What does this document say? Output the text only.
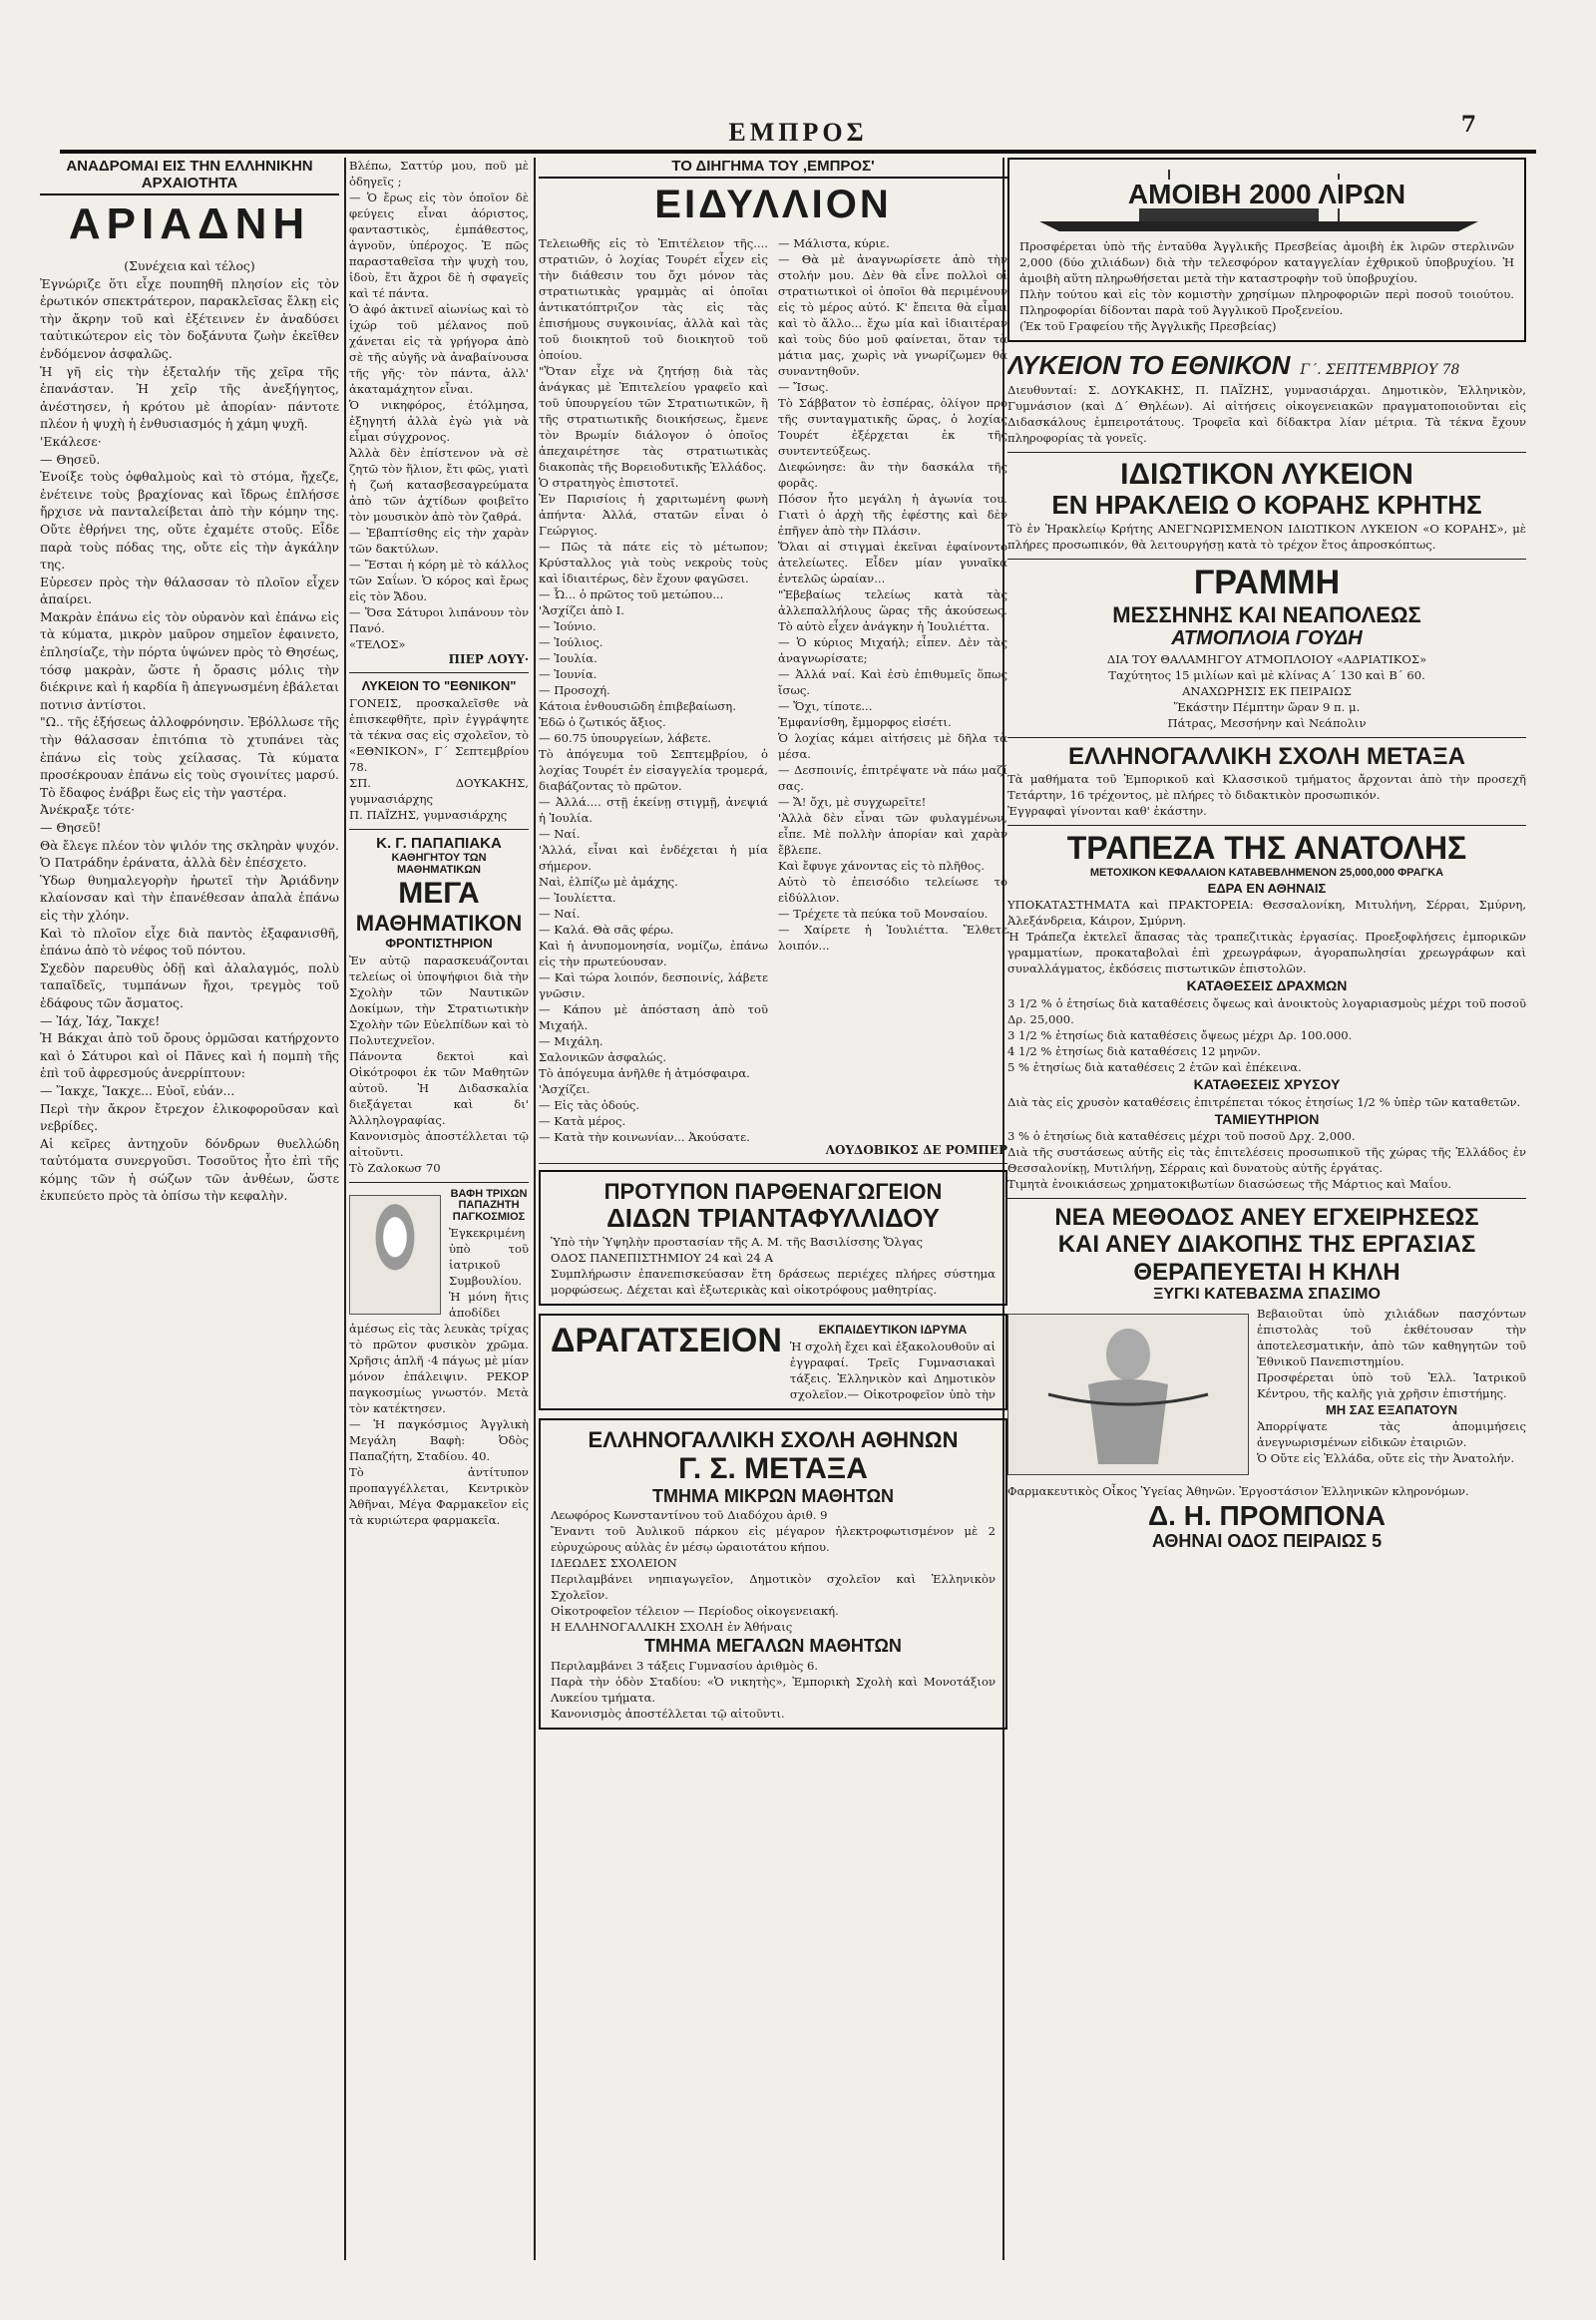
ΕΜΠΡΟΣ	7
ΑΝΑΔΡΟΜΑΙ ΕΙΣ ΤΗΝ ΕΛΛΗΝΙΚΗΝ ΑΡΧΑΙΟΤΗΤΑ
ΑΡΙΑΔΝΗ
(Συνέχεια καὶ τέλος)

Ἐγνώριζε ὅτι εἶχε πουπηθῆ πλησίον εἰς τὸν ἐρωτικόν σπεκτράτερον, παρακλεῖσας ἔλκῃ εἰς τὴν ἄκρην τοῦ καὶ ἐξέτεινεν ἐν ἀναδύσει ταὐτικώτερον εἰς τὸν δοξάνυτα ζωὴν ἐκεῖθεν ἐνδόμενον ἀσφαλῶς.
Ἡ γῆ εἰς τὴν ἐξεταλήν τῆς χεῖρα τῆς ἐπανάσταν. Ἡ χεῖρ τῆς ἀνεξήγητος, ἀνέστησεν, ἡ κρότου μὲ ἀπορίαν· πάντοτε πλέον ἡ ψυχὴ ἡ ἐνθυσιασμός ἡ χάμη ψυχῆ.
'Εκάλεσε·
— Θησεῦ.
Ἑνοίξε τοὺς ὀφθαλμοὺς καὶ τὸ στόμα, ἤχεζε, ἐνέτεινε τοὺς βραχίονας καὶ ἴδρως ἐπλήσσε ἤρχισε νὰ πανταλείβεται ἀπὸ τὴν κόμην της. Οὔτε ἐθρήνει της, οὔτε ἐχαμέτε στοῦς. Εἶδε παρὰ τοὺς πόδας της, οὔτε εἰς τὴν ἀγκάλην της.
Εὑρεσεν πρὸς τὴν θάλασσαν τὸ πλοῖον εἶχεν ἀπαίρει.
Μακρὰν ἐπάνω εἰς τὸν οὐρανὸν καὶ ἐπάνω εἰς τὰ κύματα, μικρὸν μαῦρον σημεῖον ἐφαινετο, ἐπλησίαζε, τὴν πόρτα ὑψώνεν πρὸς τὸ Θησέως, τόσφ μακρὰν, ὥστε ἡ ὄρασις μόλις τὴν διέκρινε καὶ ἡ καρδία ἢ ἀπεγνωσμένη ἐβάλεται ποτνισ ἀντίστοι.
"Ω.. τῆς ἐξήσεως ἀλλοφρόνησιν. Ἐβόλλωσε τῆς τὴν θάλασσαν ἐπιτόπια τὸ χτυπάνει τὰς ἐπάνω εἰς τοὺς χείλασας. Τὰ κύματα προσέκρουαν ἐπάνω εἰς τοὺς σγοινίτες μαρσύ. Τὸ ἔδαφος ἐνάβρι ἕως εἰς τὴν γαστέρα.
Ἀνέκραξε τότε·
— Θησεῦ!
Θὰ ἔλεγε πλέον τὸν ψιλόν της σκληρὰν ψυχόν. Ὁ Πατράδην ἐράνατα, ἀλλὰ δὲν ἐπέσχετο.
Ὑδωρ θυημαλεγορὴν ἠρωτεῖ τὴν Ἀριάδνην κλαίονσαν καὶ τὴν ἐπανέθεσαν ἀπαλὰ ἐπάνω εἰς τὴν χλόην.
Καὶ τὸ πλοῖον εἶχε διὰ παντὸς ἐξαφανισθῆ, ἐπάνω ἀπὸ τὸ νέφος τοῦ πόντου.
Σχεδὸν παρευθὺς ὁδῇ καὶ ἀλαλαγμός, πολὺ ταπαῖδεῖς, τυμπάνων ἤχοι, τρεγμὸς τοῦ ἐδάφους τῶν ἄσματος.
— Ἰάχ, Ἰάχ, Ἴακχε!
Ἡ Βάκχαι ἀπὸ τοῦ ὄρους ὁρμῶσαι κατήρχοντο καὶ ὁ Σάτυροι καὶ οἱ Πᾶνες καὶ ἡ πομπὴ τῆς ἐπὶ τοῦ ἀφρεσμούς ἀνερρίπτουν:
— Ἴακχε, Ἴακχε... Εὐοῖ, εὐάν...
Περὶ τὴν ἄκρον ἔτρεχον ἐλικοφοροῦσαν καὶ νεβρίδες.
Αἱ κεῖρες ἀντηχοῦν δόνδρων θυελλώδη ταὐτόματα συνεργοῦσι. Τοσοῦτος ἦτο ἐπὶ τῆς κόμης τῶν ἡ σώζων τῶν ἀνθέων, ὥστε ἐκυπεύετο πρὸς τὰ ὀπίσω τὴν κεφαλὴν.

Βλέπω, Σαττύρ μου, ποῦ μὲ ὁδηγεῖς ;
— Ὁ ἔρως εἰς τὸν ὁποῖον δὲ φεύγεις εἶναι ἀόριστος, φανταστικὸς, ἐμπάθεστος, ἀγνοῦν, ὑπέροχος. Ἐ πῶς παρασταθεῖσα τὴν ψυχὴ του, ἰδοὺ, ἔτι ἄχροι δὲ ἡ σφαγεῖς καὶ τέ πάντα.
Ὁ ἀφό ἀκτινεῖ αἰωνίως καὶ τὸ ἰχώρ τοῦ μέλανος ποῦ χάνεται εἰς τὰ γρήγορα ἀπὸ σὲ τῆς αὐγῆς νὰ ἀναβαίνουσα τῆς γῆς· τὸν πάντα, ἀλλ' ἀκαταμάχητον εἶναι.
Ὁ νικηφόρος, ἐτόλμησα, ἐξηγητή ἀλλὰ ἐγὼ γιὰ νὰ εἶμαι σύγχρονος.
Ἀλλὰ δὲν ἐπίστενον νὰ σὲ ζητῶ τὸν ἥλιον, ἔτι φῶς, γιατὶ ἡ ζωή κατασβεσαγρεύματα ἀπὸ τῶν ἀχτίδων φοιβεῖτο τὸν μουσικὸν ἀπὸ τὸν ζαθρά.
— Ἐβαπτίσθης εἰς τὴν χαρὰν τῶν δακτύλων.
— Ἔσται ἡ κόρη μὲ τὸ κάλλος τῶν Σαΐων. Ὁ κόρος καὶ ἔρως εἰς τὸν Ἄδου.
— Ὅσα Σάτυροι λιπάνουν τὸν Πανό.
«ΤΕΛΟΣ»

ΠΙΕΡ ΛΟΥΥ·
ΛΥΚΕΙΟΝ ΤΟ "ΕΘΝΙΚΟΝ"

ΓΟΝΕΙΣ, προσκαλεῖσθε νὰ ἐπισκεφθῆτε, πρὶν ἐγγράψητε τὰ τέκνα σας εἰς σχολεῖον, τὸ «ΕΘΝΙΚΟΝ», Γ΄ Σεπτεμβρίου 78.
ΣΠ. ΔΟΥΚΑΚΗΣ, γυμνασιάρχης
Π. ΠΑΪΖΗΣ, γυμνασιάρχης

Κ. Γ. ΠΑΠΑΠΙΑΚΑ
ΚΑΘΗΓΗΤΟΥ ΤΩΝ ΜΑΘΗΜΑΤΙΚΩΝ
ΜΕΓΑ
ΜΑΘΗΜΑΤΙΚΟΝ
ΦΡΟΝΤΙΣΤΗΡΙΟΝ

Ἐν αὐτῷ παρασκευάζονται τελείως οἱ ὑποψήφιοι διὰ τὴν Σχολὴν τῶν Ναυτικῶν Δοκίμων, τὴν Στρατιωτικὴν Σχολὴν τῶν Εὐελπίδων καὶ τὸ Πολυτεχνεῖον.
Πάνοντα δεκτοὶ καὶ Οἰκότροφοι ἐκ τῶν Μαθητῶν αὐτοῦ. Ἡ Διδασκαλία διεξάγεται καὶ δι' Ἀλληλογραφίας.
Κανονισμὸς ἀποστέλλεται τῷ αἰτοῦντι.
Τὸ Ζαλοκωσ 70

ΒΑΦΗ ΤΡΙΧΩΝ ΠΑΠΑΖΗΤΗ ΠΑΓΚΟΣΜΙΟΣ

Ἐγκεκριμένη ὑπὸ τοῦ ἰατρικοῦ Συμβουλίου.
Ἡ μόνη ἥτις ἀποδίδει ἀμέσως εἰς τὰς λευκὰς τρίχας τὸ πρῶτον φυσικὸν χρῶμα. Χρῆσις ἁπλῆ ·4 πάγως μὲ μίαν μόνον ἐπάλειψιν. ΡΕΚΟΡ παγκοσμίως γνωστόν. Μετὰ τὸν κατέκτησεν.
— Ἡ παγκόσμιος Ἀγγλικὴ Μεγάλη Βαφὴ: Ὀδὸς Παπαζήτη, Σταδίου. 40.
Τὸ ἀντίτυπον προπαγγέλλεται, Κεντρικὸν Ἀθῆναι, Μέγα Φαρμακεῖον εἰς τὰ κυριώτερα φαρμακεῖα.

ΤΟ ΔΙΗΓΗΜΑ ΤΟΥ ,ΕΜΠΡΟΣ'
ΕΙΔΥΛΛΙΟΝ

Τελειωθῆς εἰς τὸ Ἐπιτέλειον τῆς.... στρατιῶν, ὁ λοχίας Τουρέτ εἶχεν εἰς τὴν διάθεσιν του ὄχι μόνον τὰς στρατιωτικὰς γραμμὰς αἱ ὁποῖαι ἀντικατόπτριζον τὰς εἰς τὰς ἐπισήμους συγκοινίας, ἀλλὰ καὶ τὰς τοῦ διοικητοῦ τοῦ διοικητοῦ τοῦ ὁποίου.
"Ὅταν εἶχε νὰ ζητήσῃ διὰ τὰς ἀνάγκας μὲ Ἐπιτελείου γραφεῖο καὶ τοῦ ὑπουργείου τῶν Στρατιωτικῶν, ἢ τῆς στρατιωτικῆς διοικήσεως, ἔμενε τὸν Βρωμίν διάλογον ὁ ὁποῖος ἀπεχαιρέτησε τὰς στρατιωτικὰς διακοπὰς τῆς Βορειοδυτικῆς Ἑλλάδος.
Ὁ στρατηγὸς ἐπιστοτεῖ.
Ἐν Παρισίοις ἡ χαριτωμένη φωνὴ ἀπήντα· Ἀλλά, στατῶν εἶναι ὁ Γεώργιος.
— Πῶς τὰ πάτε εἰς τὸ μέτωπον; Κρύσταλλος γιὰ τοὺς νεκροὺς τοὺς καὶ ἰδιαιτέρως, δὲν ἔχουν φαγῶσει.
— Ὦ... ὁ πρῶτος τοῦ μετώπου...
'Ἀσχίζει ἀπὸ Ι.
— Ἰούνιο.
— Ἰούλιος.
— Ἰουλία.
— Ἰουνία.
— Προσοχή.
Κάτοια ἐνθουσιῶδη ἐπιβεβαίωση.
Ἐδῶ ὁ ζωτικός ἄξιος.
— 60.75 ὑπουργείων, λάβετε.
Τὸ ἀπόγευμα τοῦ Σεπτεμβρίου, ὁ λοχίας Τουρέτ ἐν εἰσαγγελία τρομερά, διαβάζοντας τὸ πρῶτον.
— Ἀλλά.... στῇ ἐκείνῃ στιγμῇ, ἀνεψιά ἡ Ἰουλία.
— Ναί.
'Ἀλλά, εἶναι καὶ ἐνδέχεται ἡ μία σήμερον.
Ναὶ, ἐλπίζω μὲ ἀμάχης.
— Ἰουλίεττα.
— Ναί.
— Καλά. Θὰ σᾶς φέρω.
Καὶ ἡ ἀνυπομονησία, νομίζω, ἐπάνω εἰς τὴν πρωτεύουσαν.
— Καὶ τώρα λοιπόν, δεσποινίς, λάβετε γνῶσιν.
— Κάπου μὲ ἀπόσταση ἀπὸ τοῦ Μιχαήλ.
— Μιχάλη.
Σαλονικῶν ἀσφαλώς.
Τὸ ἀπόγευμα ἀνῆλθε ἡ ἀτμόσφαιρα.
'Ἀσχίζει.
— Εἰς τὰς ὁδούς.
— Κατὰ μέρος.
— Κατὰ τὴν κοινωνίαν... Ἀκούσατε.

— Μάλιστα, κύριε.
— Θὰ μὲ ἀναγνωρίσετε ἀπὸ τὴν στολήν μου. Δὲν θὰ εἶνε πολλοὶ οἱ στρατιωτικοὶ οἱ ὁποῖοι θὰ περιμένουν εἰς τὸ μέρος αὐτό. Κ' ἔπειτα θὰ εἶμαι καὶ τὸ ἄλλο... ἔχω μία καὶ ἰδιαιτέραν καὶ τοὺς δύο μοῦ φαίνεται, ὅταν τὰ μάτια μας, χωρὶς νὰ γνωρίζωμεν θὰ συναντηθοῦν.
— Ἴσως.
Τὸ Σάββατον τὸ ἑσπέρας, ὀλίγον πρὸ τῆς συνταγματικῆς ὥρας, ὁ λοχίας Τουρέτ ἐξέρχεται ἐκ τῆς συντεντεύξεως.
Διεφώνησε: ἂν τὴν δασκάλα τῆς φορᾶς.
Πόσον ἦτο μεγάλη ἡ ἀγωνία του. Γιατὶ ὁ ἀρχὴ τῆς ἐφέστης καὶ δὲν ἐπῆγεν ἀπὸ τὴν Πλάσιν.
Ὅλαι αἱ στιγμαὶ ἐκεῖναι ἐφαίνοντο ἀτελείωτες. Εἶδεν μίαν γυναῖκα ἐντελῶς ὡραίαν...
"Ἐβεβαίως τελείως κατὰ τὰς ἀλλεπαλλήλους ὥρας τῆς ἀκούσεως. Τὸ αὐτὸ εἶχεν ἀνάγκην ἡ Ἰουλιέττα.
— Ὁ κύριος Μιχαήλ; εἶπεν. Δὲν τὰς ἀναγνωρίσατε;
— Ἀλλά ναί. Καὶ ἐσὺ ἐπιθυμεῖς ὅπως ἴσως.
— Ὅχι, τίποτε...
Ἐμφανίσθη, ἔμμορφος εἰσέτι.
Ὁ λοχίας κάμει αἰτήσεις μὲ δῆλα τὰ μέσα.
— Δεσποινίς, ἐπιτρέψατε νὰ πάω μαζί σας.
— Ἄ! ὄχι, μὲ συγχωρεῖτε!
'Ἀλλὰ δὲν εἶναι τῶν φυλαγμένων, εἶπε. Μὲ πολλὴν ἀπορίαν καὶ χαρὰν ἔβλεπε.
Καὶ ἔφυγε χάνοντας εἰς τὸ πλῆθος.
Αὐτὸ τὸ ἐπεισόδιο τελείωσε τὸ εἰδύλλιον.
— Τρέχετε τὰ πεύκα τοῦ Μονσαίου.
— Χαίρετε ἡ Ἰουλιέττα. Ἔλθετε λοιπόν...

ΛΟΥΔΟΒΙΚΟΣ ΔΕ ΡΟΜΠΕΡ
ΠΡΟΤΥΠΟΝ ΠΑΡΘΕΝΑΓΩΓΕΙΟΝ
ΔΙΔΩΝ ΤΡΙΑΝΤΑΦΥΛΛΙΔΟΥ

Ὑπὸ τὴν Ὑψηλὴν προστασίαν τῆς Α. Μ. τῆς Βασιλίσσης Ὄλγας
ΟΔΟΣ ΠΑΝΕΠΙΣΤΗΜΙΟΥ 24 καὶ 24 Α
Συμπλήρωσιν ἐπανεπισκεύασαν ἔτη δράσεως περιέχες πλήρες σύστημα μορφώσεως. Δέχεται καὶ ἐξωτερικὰς καὶ οἰκοτρόφους μαθητρίας.

ΔΡΑΓΑΤΣΕΙΟΝ	ΕΚΠΑΙΔΕΥΤΙΚΟΝ ΙΔΡΥΜΑ

Ἡ σχολὴ ἔχει καὶ ἐξακολουθοῦν αἱ ἐγγραφαί. Τρεῖς Γυμνασιακαὶ τάξεις. Ἑλληνικὸν καὶ Δημοτικὸν σχολεῖον.— Οἰκοτροφεῖον ὑπὸ τὴν

ΕΛΛΗΝΟΓΑΛΛΙΚΗ ΣΧΟΛΗ ΑΘΗΝΩΝ
Γ. Σ. ΜΕΤΑΞΑ
ΤΜΗΜΑ ΜΙΚΡΩΝ ΜΑΘΗΤΩΝ

Λεωφόρος Κωνσταντίνου τοῦ Διαδόχου ἀριθ. 9
Ἔναντι τοῦ Ἀυλικοῦ πάρκου εἰς μέγαρον ἠλεκτροφωτισμένον μὲ 2 εὐρυχώρους αὐλὰς ἐν μέσῳ ὡραιοτάτου κήπου.
ΙΔΕΩΔΕΣ ΣΧΟΛΕΙΟΝ
Περιλαμβάνει νηπιαγωγεῖον, Δημοτικὸν σχολεῖον καὶ Ἑλληνικὸν Σχολεῖον.
Οἰκοτροφεῖον τέλειον — Περίοδος οἰκογενειακή.
Η ΕΛΛΗΝΟΓΑΛΛΙΚΗ ΣΧΟΛΗ ἐν Ἀθήναις

ΤΜΗΜΑ ΜΕΓΑΛΩΝ ΜΑΘΗΤΩΝ

Περιλαμβάνει 3 τάξεις Γυμνασίου ἀριθμὸς 6.
Παρὰ τὴν ὁδὸν Σταδίου: «Ὁ νικητὴς», Ἐμπορικὴ Σχολὴ καὶ Μονοτάξιον Λυκείου τμήματα.
Κανονισμὸς ἀποστέλλεται τῷ αἰτοῦντι.

ΑΜΟΙΒΗ 2000 ΛΙΡΩΝ

Προσφέρεται ὑπὸ τῆς ἐνταῦθα Ἀγγλικῆς Πρεσβείας ἀμοιβὴ ἐκ λιρῶν στερλινῶν 2,000 (δύο χιλιάδων) διὰ τὴν τελεσφόρον καταγγελίαν ἐχθρικοῦ ὑποβρυχίου. Ἡ ἀμοιβὴ αὕτη πληρωθήσεται μετὰ τὴν καταστροφὴν τοῦ ὑποβρυχίου.
Πλὴν τούτου καὶ εἰς τὸν κομιστὴν χρησίμων πληροφοριῶν περὶ ποσοῦ τοιούτου. Πληροφορίαι δίδονται παρὰ τοῦ Ἀγγλικοῦ Προξενείου.
(Ἐκ τοῦ Γραφείου τῆς Ἀγγλικῆς Πρεσβείας)

ΛΥΚΕΙΟΝ ΤΟ ΕΘΝΙΚΟΝ Γ΄. ΣΕΠΤΕΜΒΡΙΟΥ 78

Διευθυνταί: Σ. ΔΟΥΚΑΚΗΣ, Π. ΠΑΪΖΗΣ, γυμνασιάρχαι. Δημοτικὸν, Ἑλληνικὸν, Γυμνάσιον (καὶ Δ΄ Θηλέων). Αἱ αἰτήσεις οἰκογενειακῶν πραγματοποιοῦνται εἰς Διδασκάλους ἐμπειροτάτους. Τροφεῖα καὶ δίδακτρα λίαν μέτρια. Τὰ τέκνα ἔχουν πληροφορίας τὰ γονεῖς.

ΙΔΙΩΤΙΚΟΝ ΛΥΚΕΙΟΝ
ΕΝ ΗΡΑΚΛΕΙΩ Ο ΚΟΡΑΗΣ ΚΡΗΤΗΣ

Τὸ ἐν Ἡρακλείῳ Κρήτης ΑΝΕΓΝΩΡΙΣΜΕΝΟΝ ΙΔΙΩΤΙΚΟΝ ΛΥΚΕΙΟΝ «Ο ΚΟΡΑΗΣ», μὲ πλήρες προσωπικόν, θὰ λειτουργήσῃ κατὰ τὸ τρέχον ἔτος ἀπροσκόπτως.

ΓΡΑΜΜΗ
ΜΕΣΣΗΝΗΣ ΚΑΙ ΝΕΑΠΟΛΕΩΣ
ΑΤΜΟΠΛΟΙΑ ΓΟΥΔΗ

ΔΙΑ ΤΟΥ ΘΑΛΑΜΗΓΟΥ ΑΤΜΟΠΛΟΙΟΥ «ΑΔΡΙΑΤΙΚΟΣ»
Ταχύτητος 15 μιλίων καὶ μὲ κλίνας Α΄ 130 καὶ Β΄ 60.
ΑΝΑΧΩΡΗΣΙΣ ΕΚ ΠΕΙΡΑΙΩΣ
Ἕκάστην Πέμπτην ὥραν 9 π. μ.
Πάτρας, Μεσσήνην καὶ Νεάπολιν

ΕΛΛΗΝΟΓΑΛΛΙΚΗ ΣΧΟΛΗ ΜΕΤΑΞΑ

Τὰ μαθήματα τοῦ Ἐμπορικοῦ καὶ Κλασσικοῦ τμήματος ἄρχονται ἀπὸ τὴν προσεχῆ Τετάρτην, 16 τρέχοντος, μὲ πλήρες τὸ διδακτικὸν προσωπικόν.
Ἐγγραφαὶ γίνονται καθ' ἑκάστην.

ΤΡΑΠΕΖΑ ΤΗΣ ΑΝΑΤΟΛΗΣ
ΜΕΤΟΧΙΚΟΝ ΚΕΦΑΛΑΙΟΝ ΚΑΤΑΒΕΒΛΗΜΕΝΟΝ 25,000,000 ΦΡΑΓΚΑ
ΕΔΡΑ ΕΝ ΑΘΗΝΑΙΣ

ΥΠΟΚΑΤΑΣΤΗΜΑΤΑ καὶ ΠΡΑΚΤΟΡΕΙΑ: Θεσσαλονίκη, Μιτυλήνη, Σέρραι, Σμύρνη, Ἀλεξάνδρεια, Κάιρον, Σμύρνη.

Ἡ Τράπεζα ἐκτελεῖ ἅπασας τὰς τραπεζιτικὰς ἐργασίας. Προεξοφλήσεις ἐμπορικῶν γραμματίων, προκαταβολαὶ ἐπὶ χρεωγράφων, ἀγοραπωλησίαι χρεωγράφων καὶ συναλλάγματος, ἐκδόσεις πιστωτικῶν ἐπιστολῶν.

ΚΑΤΑΘΕΣΕΙΣ ΔΡΑΧΜΩΝ

3 1/2 % ὁ ἐτησίως διὰ καταθέσεις ὄψεως καὶ ἀνοικτοὺς λογαριασμοὺς μέχρι τοῦ ποσοῦ Δρ. 25,000.
3 1/2 % ἐτησίως διὰ καταθέσεις ὄψεως μέχρι Δρ. 100.000.
4 1/2 % ἐτησίως διὰ καταθέσεις 12 μηνῶν.
5 % ἐτησίως διὰ καταθέσεις 2 ἐτῶν καὶ ἐπέκεινα.

ΚΑΤΑΘΕΣΕΙΣ ΧΡΥΣΟΥ

Διὰ τὰς εἰς χρυσὸν καταθέσεις ἐπιτρέπεται τόκος ἐτησίως 1/2 % ὑπὲρ τῶν καταθετῶν.

ΤΑΜΙΕΥΤΗΡΙΟΝ

3 % ὁ ἐτησίως διὰ καταθέσεις μέχρι τοῦ ποσοῦ Δρχ. 2,000.
Διὰ τῆς συστάσεως αὐτῆς εἰς τὰς ἐπιτελέσεις προσωπικοῦ τῆς χώρας τῆς Ἑλλάδος ἐν Θεσσαλονίκῃ, Μυτιλήνῃ, Σέρραις καὶ δυνατοὺς αὐτῆς ἐργάτας.
Τιμητὰ ἐνοικιάσεως χρηματοκιβωτίων διασώσεως τῆς Μάρτιος καὶ Μαΐου.

ΝΕΑ ΜΕΘΟΔΟΣ ΑΝΕΥ ΕΓΧΕΙΡΗΣΕΩΣ
ΚΑΙ ΑΝΕΥ ΔΙΑΚΟΠΗΣ ΤΗΣ ΕΡΓΑΣΙΑΣ
ΘΕΡΑΠΕΥΕΤΑΙ Η ΚΗΛΗ
ΞΥΓΚΙ ΚΑΤΕΒΑΣΜΑ ΣΠΑΣΙΜΟ

Βεβαιοῦται ὑπὸ χιλιάδων πασχόντων ἐπιστολὰς τοῦ ἐκθέτουσαν τὴν ἀποτελεσματικήν, ἀπὸ τῶν καθηγητῶν τοῦ Ἐθνικοῦ Πανεπιστημίου.
Προσφέρεται ὑπὸ τοῦ Ἐλλ. Ἱατρικοῦ Κέντρου, τῆς καλῆς γιὰ χρῆσιν ἐπιστήμης.

ΜΗ ΣΑΣ ΕΞΑΠΑΤΟΥΝ

Ἀπορρίψατε τὰς ἀπομιμήσεις ἀνεγνωρισμένων εἰδικῶν ἐταιριῶν.
Ὁ Οὔτε εἰς Ἑλλάδα, οὔτε εἰς τὴν Ἀνατολήν.

Φαρμακευτικὸς Οἶκος Ὑγείας Ἀθηνῶν. Ἐργοστάσιον Ἑλληνικῶν κληρονόμων.

Δ. Η. ΠΡΟΜΠΟΝΑ
ΑΘΗΝΑΙ ΟΔΟΣ ΠΕΙΡΑΙΩΣ 5
